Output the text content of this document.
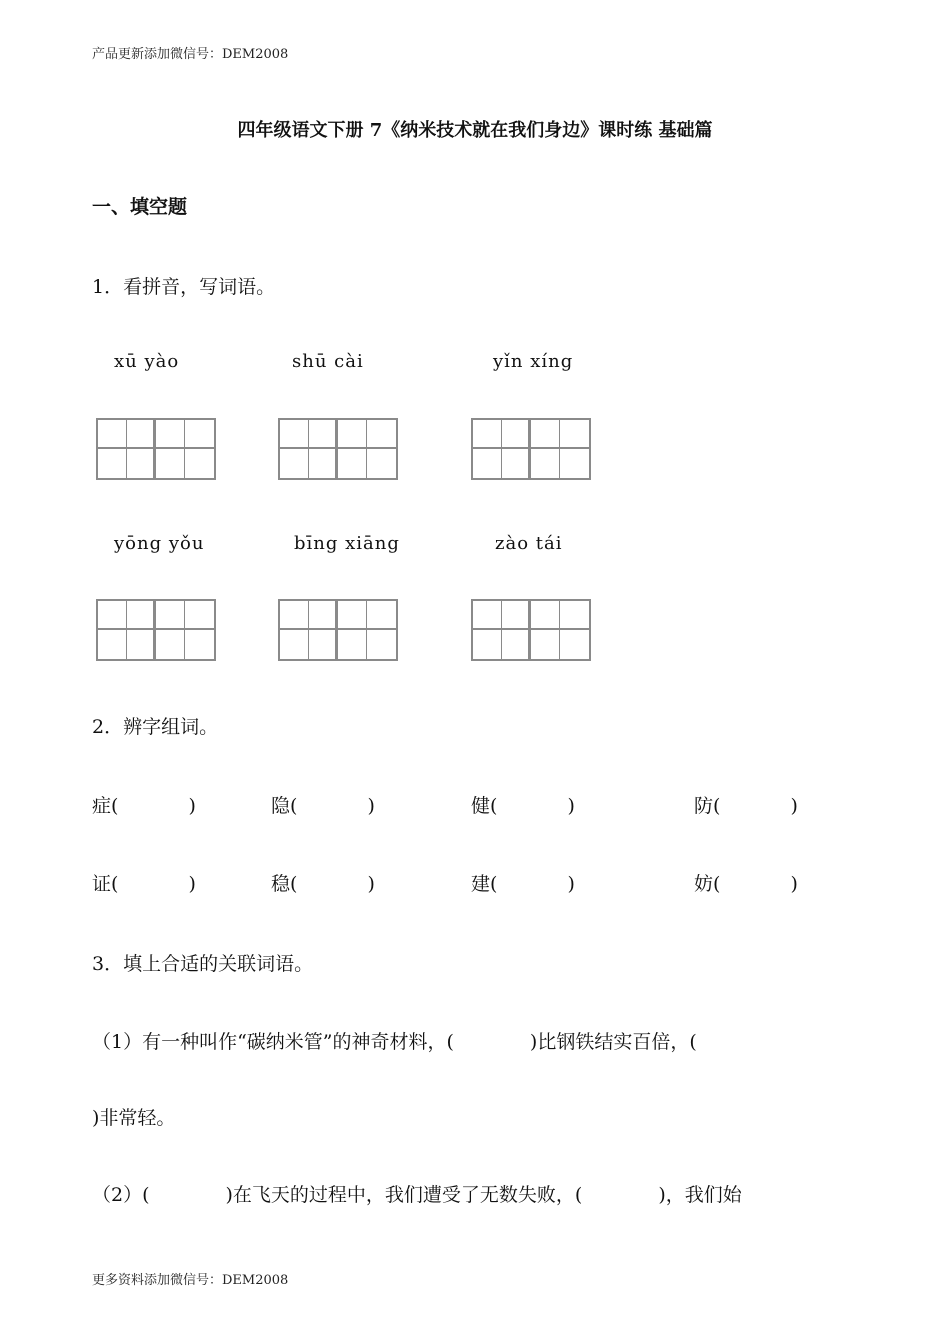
产品更新添加微信号：DEM2008
四年级语文下册 7《纳米技术就在我们身边》课时练 基础篇
一、填空题
1．看拼音，写词语。
xū yào	shū cài	yǐn xíng
yōng yǒu	bīng xiāng	zào tái
2．辨字组词。
症(	)	隐(	)	健(	)	防(	)
证(	)	稳(	)	建(	)	妨(	)
3．填上合适的关联词语。
（1）有一种叫作“碳纳米管”的神奇材料，(　　　　)比钢铁结实百倍，(
)非常轻。
（2）(　　　　)在飞天的过程中，我们遭受了无数失败，(　　　　)，我们始
更多资料添加微信号：DEM2008
